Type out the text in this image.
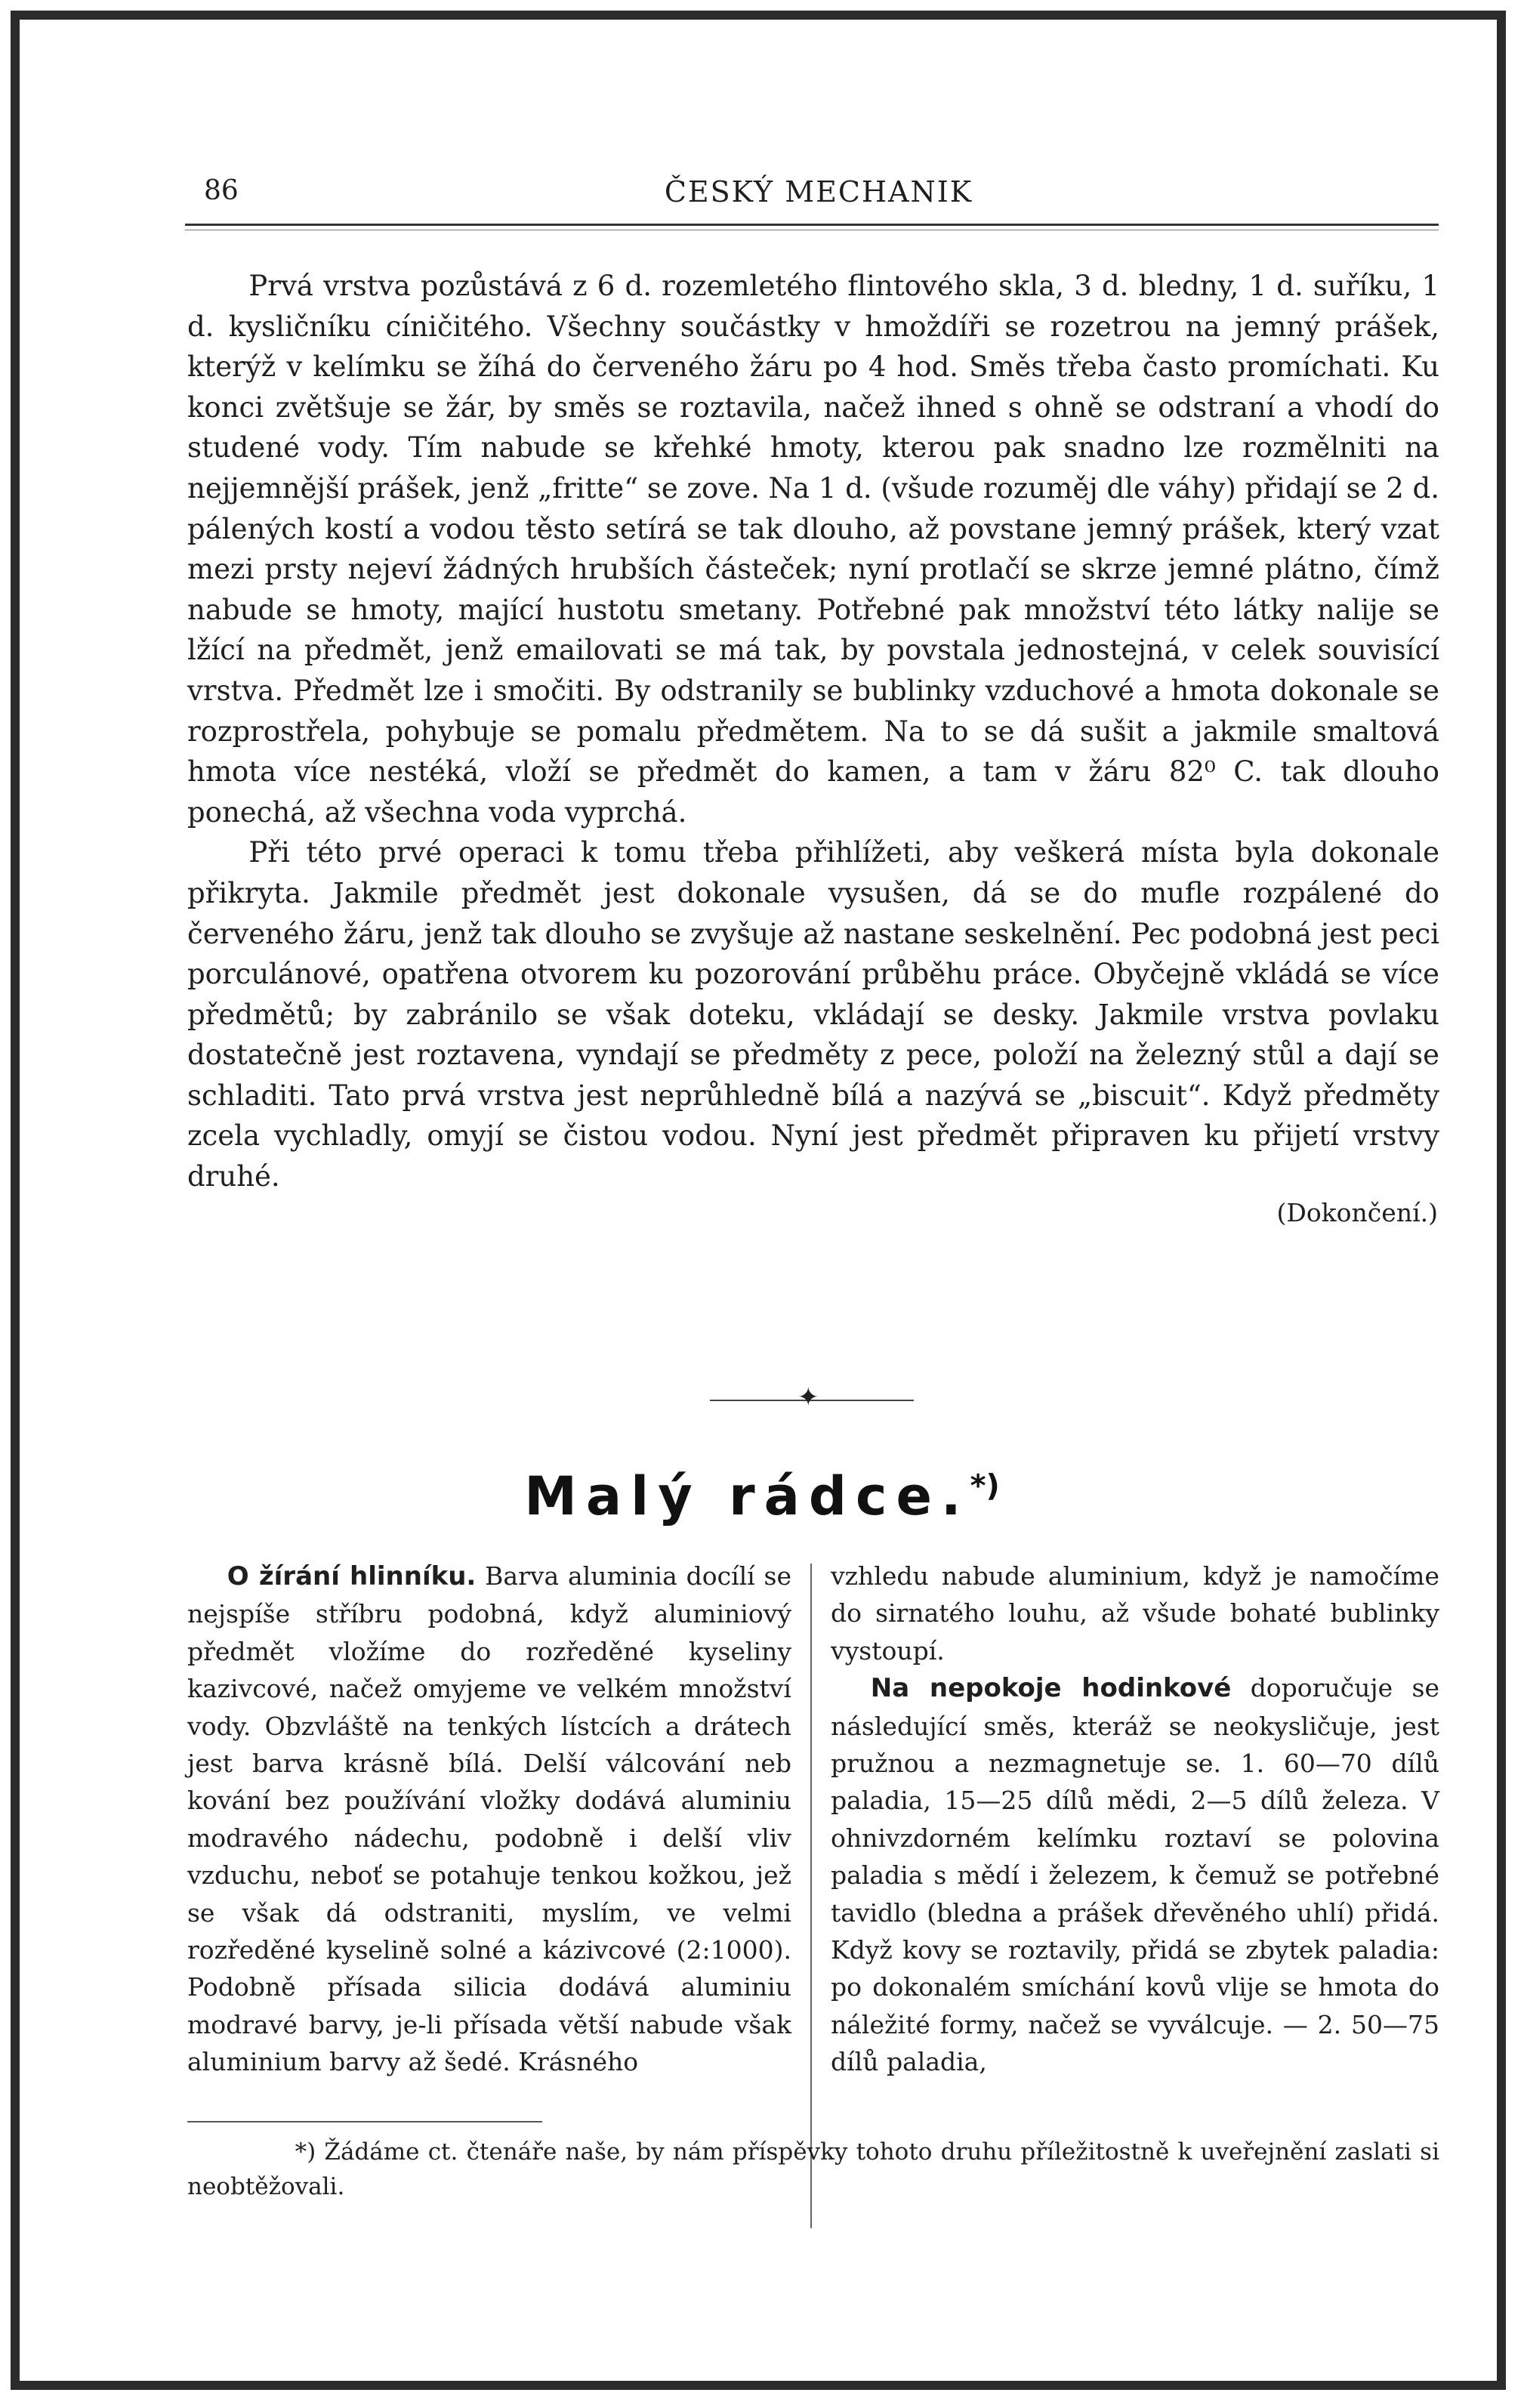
86	ČESKÝ MECHANIK

Prvá vrstva pozůstává z 6 d. rozemletého flintového skla, 3 d. bledny, 1 d. suříku, 1 d. kysličníku cíničitého. Všechny součástky v hmoždíři se rozetrou na jemný prášek, kterýž v kelímku se žíhá do červeného žáru po 4 hod. Směs třeba často promíchati. Ku konci zvětšuje se žár, by směs se roztavila, načež ihned s ohně se odstraní a vhodí do studené vody. Tím nabude se křehké hmoty, kterou pak snadno lze rozmělniti na nejjemnější prášek, jenž „fritte“ se zove. Na 1 d. (všude rozuměj dle váhy) přidají se 2 d. pálených kostí a vodou těsto setírá se tak dlouho, až povstane jemný prášek, který vzat mezi prsty nejeví žádných hrubších částeček; nyní protlačí se skrze jemné plátno, čímž nabude se hmoty, mající hustotu smetany. Potřebné pak množství této látky nalije se lžící na předmět, jenž emailovati se má tak, by povstala jednostejná, v celek souvisící vrstva. Předmět lze i smočiti. By odstranily se bublinky vzduchové a hmota dokonale se rozprostřela, pohybuje se pomalu předmětem. Na to se dá sušit a jakmile smaltová hmota více nestéká, vloží se předmět do kamen, a tam v žáru 82⁰ C. tak dlouho ponechá, až všechna voda vyprchá.

Při této prvé operaci k tomu třeba přihlížeti, aby veškerá místa byla dokonale přikryta. Jakmile předmět jest dokonale vysušen, dá se do mufle rozpálené do červeného žáru, jenž tak dlouho se zvyšuje až nastane seskelnění. Pec podobná jest peci porculánové, opatřena otvorem ku pozorování průběhu práce. Obyčejně vkládá se více předmětů; by zabránilo se však doteku, vkládají se desky. Jakmile vrstva povlaku dostatečně jest roztavena, vyndají se předměty z pece, položí na železný stůl a dají se schladiti. Tato prvá vrstva jest neprůhledně bílá a nazývá se „biscuit“. Když předměty zcela vychladly, omyjí se čistou vodou. Nyní jest předmět připraven ku přijetí vrstvy druhé.

(Dokončení.)
✦
Malý rádce.*)

O žírání hlinníku. Barva aluminia docílí se nejspíše stříbru podobná, když aluminiový předmět vložíme do rozředěné kyseliny kazivcové, načež omyjeme ve velkém množství vody. Obzvláště na tenkých lístcích a drátech jest barva krásně bílá. Delší válcování neb kování bez používání vložky dodává aluminiu modravého nádechu, podobně i delší vliv vzduchu, neboť se potahuje tenkou kožkou, jež se však dá odstraniti, myslím, ve velmi rozředěné kyselině solné a kázivcové (2:1000). Podobně přísada silicia dodává aluminiu modravé barvy, je-li přísada větší nabude však aluminium barvy až šedé. Krásného

vzhledu nabude aluminium, když je namočíme do sirnatého louhu, až všude bohaté bublinky vystoupí.

Na nepokoje hodinkové doporučuje se následující směs, kteráž se neokysličuje, jest pružnou a nezmagnetuje se. 1. 60—70 dílů paladia, 15—25 dílů mědi, 2—5 dílů železa. V ohnivzdorném kelímku roztaví se polovina paladia s mědí i železem, k čemuž se potřebné tavidlo (bledna a prášek dřevěného uhlí) přidá. Když kovy se roztavily, přidá se zbytek paladia: po dokonalém smíchání kovů vlije se hmota do náležité formy, načež se vyválcuje. — 2. 50—75 dílů paladia,

*) Žádáme ct. čtenáře naše, by nám příspěvky tohoto druhu příležitostně k uveřejnění zaslati si neobtěžovali.
